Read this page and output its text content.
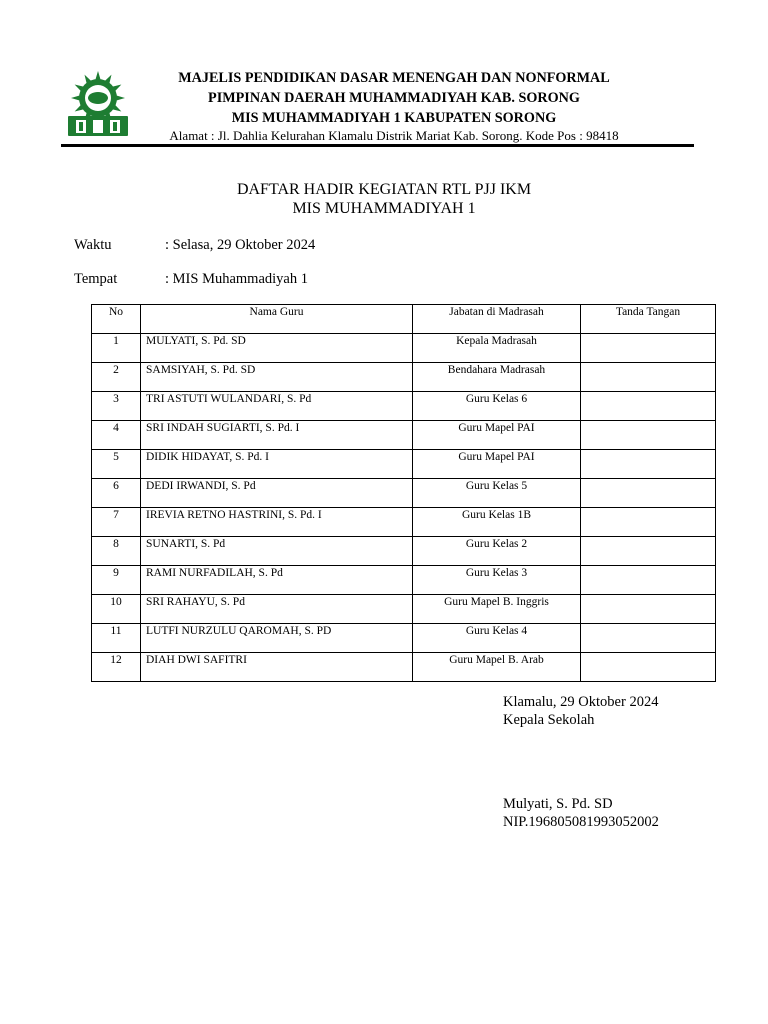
MAJELIS PENDIDIKAN DASAR MENENGAH DAN NONFORMAL
PIMPINAN DAERAH MUHAMMADIYAH KAB. SORONG
MIS MUHAMMADIYAH 1 KABUPATEN SORONG
Alamat : Jl. Dahlia Kelurahan Klamalu Distrik Mariat Kab. Sorong. Kode Pos : 98418
DAFTAR HADIR KEGIATAN RTL PJJ IKM
MIS MUHAMMADIYAH 1
Waktu	: Selasa, 29 Oktober 2024
Tempat	: MIS Muhammadiyah 1
No	Nama Guru	Jabatan di Madrasah	Tanda Tangan
1	MULYATI, S. Pd. SD	Kepala Madrasah	
2	SAMSIYAH, S. Pd. SD	Bendahara Madrasah	
3	TRI ASTUTI WULANDARI, S. Pd	Guru Kelas 6	
4	SRI INDAH SUGIARTI, S. Pd. I	Guru Mapel PAI	
5	DIDIK HIDAYAT, S. Pd. I	Guru Mapel PAI	
6	DEDI IRWANDI, S. Pd	Guru Kelas 5	
7	IREVIA RETNO HASTRINI, S. Pd. I	Guru Kelas 1B	
8	SUNARTI, S. Pd	Guru Kelas 2	
9	RAMI NURFADILAH, S. Pd	Guru Kelas 3	
10	SRI RAHAYU, S. Pd	Guru Mapel B. Inggris	
11	LUTFI NURZULU QAROMAH, S. PD	Guru Kelas 4	
12	DIAH DWI SAFITRI	Guru Mapel B. Arab	
Klamalu, 29 Oktober 2024
Kepala Sekolah
Mulyati, S. Pd. SD
NIP.196805081993052002
